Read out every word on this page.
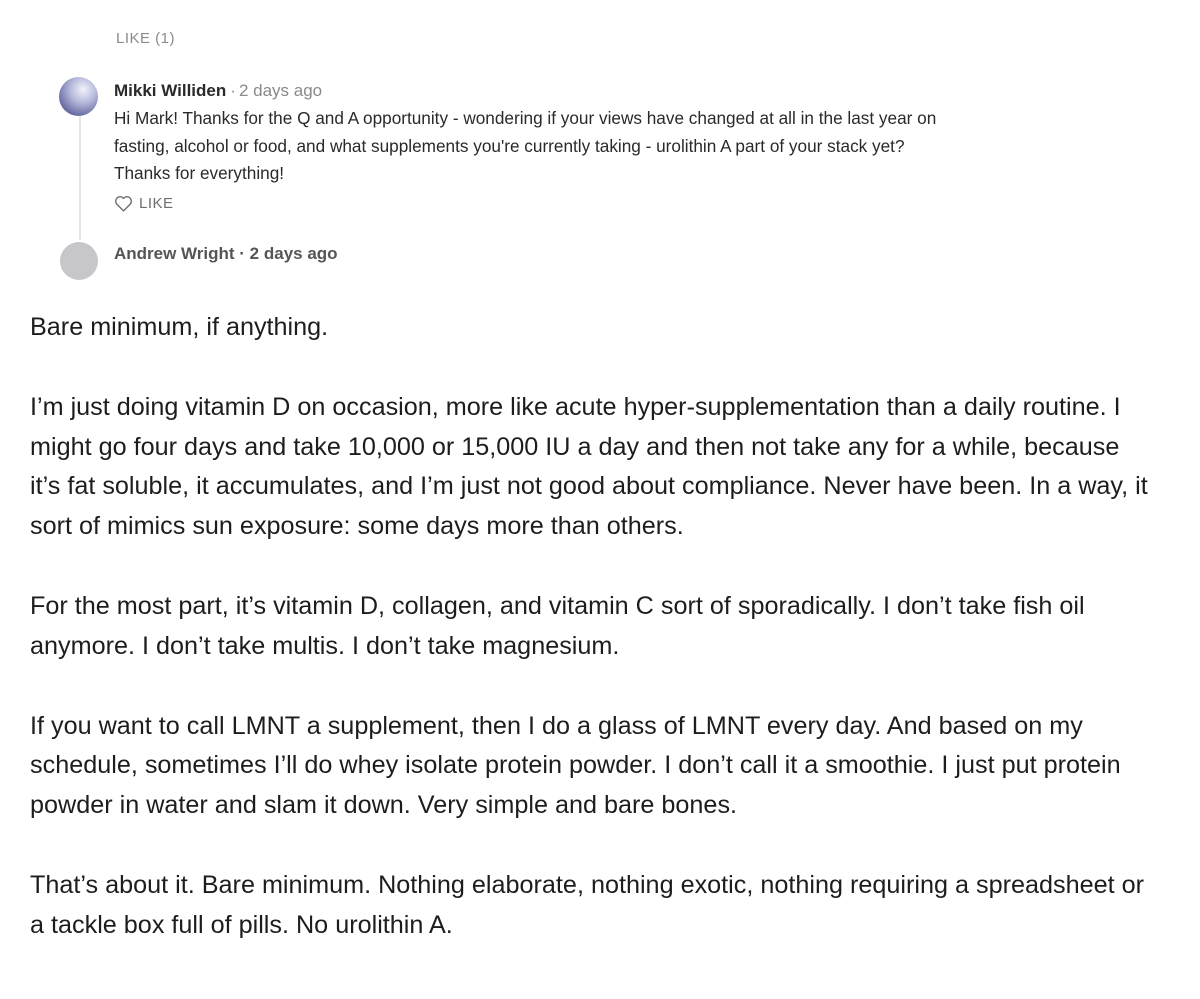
LIKE (1)
Mikki Williden · 2 days ago

Hi Mark! Thanks for the Q and A opportunity - wondering if your views have changed at all in the last year on fasting, alcohol or food, and what supplements you're currently taking - urolithin A part of your stack yet? Thanks for everything!

LIKE
Andrew Wright · 2 days ago

Bare minimum, if anything.

I’m just doing vitamin D on occasion, more like acute hyper-supplementation than a daily routine. I might go four days and take 10,000 or 15,000 IU a day and then not take any for a while, because it’s fat soluble, it accumulates, and I’m just not good about compliance. Never have been. In a way, it sort of mimics sun exposure: some days more than others.

For the most part, it’s vitamin D, collagen, and vitamin C sort of sporadically. I don’t take fish oil anymore. I don’t take multis. I don’t take magnesium.

If you want to call LMNT a supplement, then I do a glass of LMNT every day. And based on my schedule, sometimes I’ll do whey isolate protein powder. I don’t call it a smoothie. I just put protein powder in water and slam it down. Very simple and bare bones.

That’s about it. Bare minimum. Nothing elaborate, nothing exotic, nothing requiring a spreadsheet or a tackle box full of pills. No urolithin A.
